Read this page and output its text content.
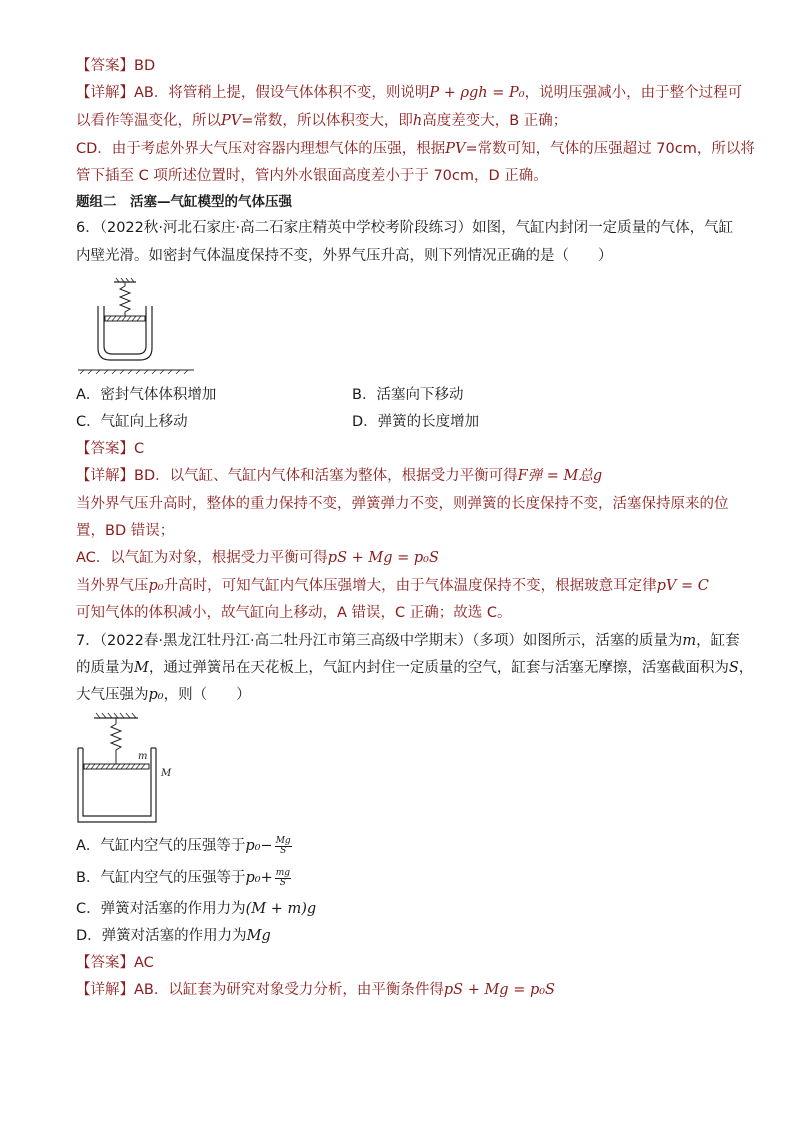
【答案】BD
【详解】AB．将管稍上提，假设气体体积不变，则说明P + ρgh = P₀，说明压强减小，由于整个过程可
以看作等温变化，所以PV=常数，所以体积变大，即h高度差变大，B 正确；
CD．由于考虑外界大气压对容器内理想气体的压强，根据PV=常数可知，气体的压强超过 70cm，所以将
管下插至 C 项所述位置时，管内外水银面高度差小于于 70cm，D 正确。
题组二　活塞—气缸模型的气体压强
6．（2022秋·河北石家庄·高二石家庄精英中学校考阶段练习）如图，气缸内封闭一定质量的气体，气缸
内壁光滑。如密封气体温度保持不变，外界气压升高，则下列情况正确的是（　　）
A．密封气体体积增加	B．活塞向下移动
C．气缸向上移动	D．弹簧的长度增加
【答案】C
【详解】BD．以气缸、气缸内气体和活塞为整体，根据受力平衡可得F弹 = M总g
当外界气压升高时，整体的重力保持不变，弹簧弹力不变，则弹簧的长度保持不变，活塞保持原来的位
置，BD 错误；
AC．以气缸为对象，根据受力平衡可得pS + Mg = p₀S
当外界气压p₀升高时，可知气缸内气体压强增大，由于气体温度保持不变，根据玻意耳定律pV = C
可知气体的体积减小，故气缸向上移动，A 错误，C 正确；故选 C。
7．（2022春·黑龙江牡丹江·高二牡丹江市第三高级中学期末）（多项）如图所示，活塞的质量为m，缸套
的质量为M，通过弹簧吊在天花板上，气缸内封住一定质量的空气，缸套与活塞无摩擦，活塞截面积为S，
大气压强为p₀，则（　　）
m
M
A．气缸内空气的压强等于$p_0- \frac{Mg}{S}$
B．气缸内空气的压强等于$p_0+ \frac{mg}{S}$
C．弹簧对活塞的作用力为(M + m)g
D．弹簧对活塞的作用力为Mg
【答案】AC
【详解】AB．以缸套为研究对象受力分析，由平衡条件得pS + Mg = p₀S
